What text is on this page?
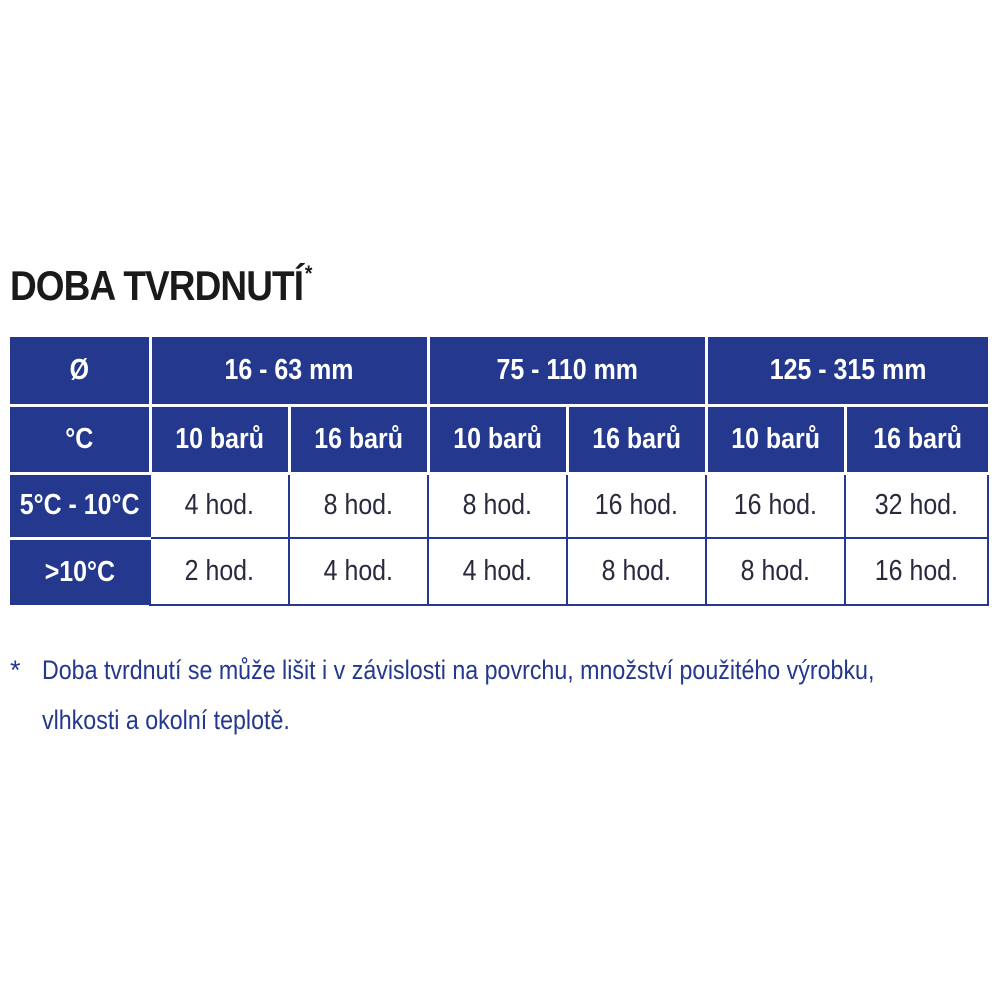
DOBA TVRDNUTÍ*
Ø	16 - 63 mm		75 - 110 mm		125 - 315 mm	
°C	10 barů	16 barů	10 barů	16 barů	10 barů	16 barů
5°C - 10°C	4 hod.	8 hod.	8 hod.	16 hod.	16 hod.	32 hod.
>10°C	2 hod.	4 hod.	4 hod.	8 hod.	8 hod.	16 hod.
* Doba tvrdnutí se může lišit i v závislosti na povrchu, množství použitého výrobku,
vlhkosti a okolní teplotě.
